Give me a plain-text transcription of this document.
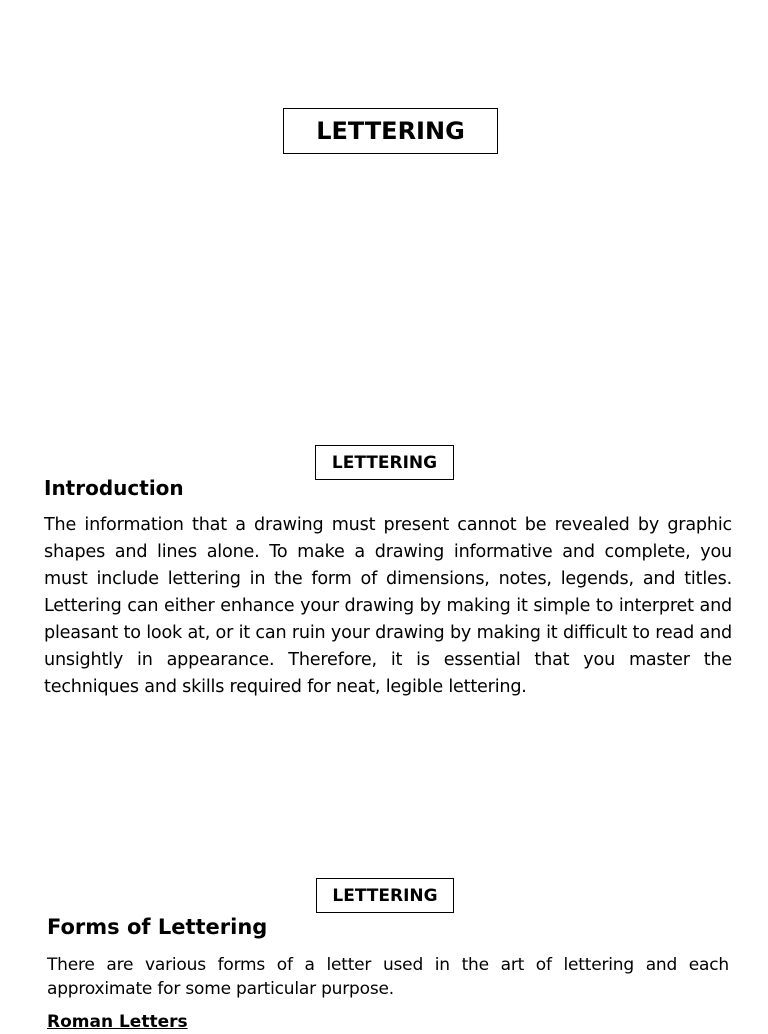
LETTERING
LETTERING
Introduction

The information that a drawing must present cannot be revealed by graphic shapes and lines alone. To make a drawing informative and complete, you must include lettering in the form of dimensions, notes, legends, and titles. Lettering can either enhance your drawing by making it simple to interpret and pleasant to look at, or it can ruin your drawing by making it difficult to read and unsightly in appearance. Therefore, it is essential that you master the techniques and skills required for neat, legible lettering.

LETTERING
Forms of Lettering

There are various forms of a letter used in the art of lettering and each approximate for some particular purpose.

Roman Letters
